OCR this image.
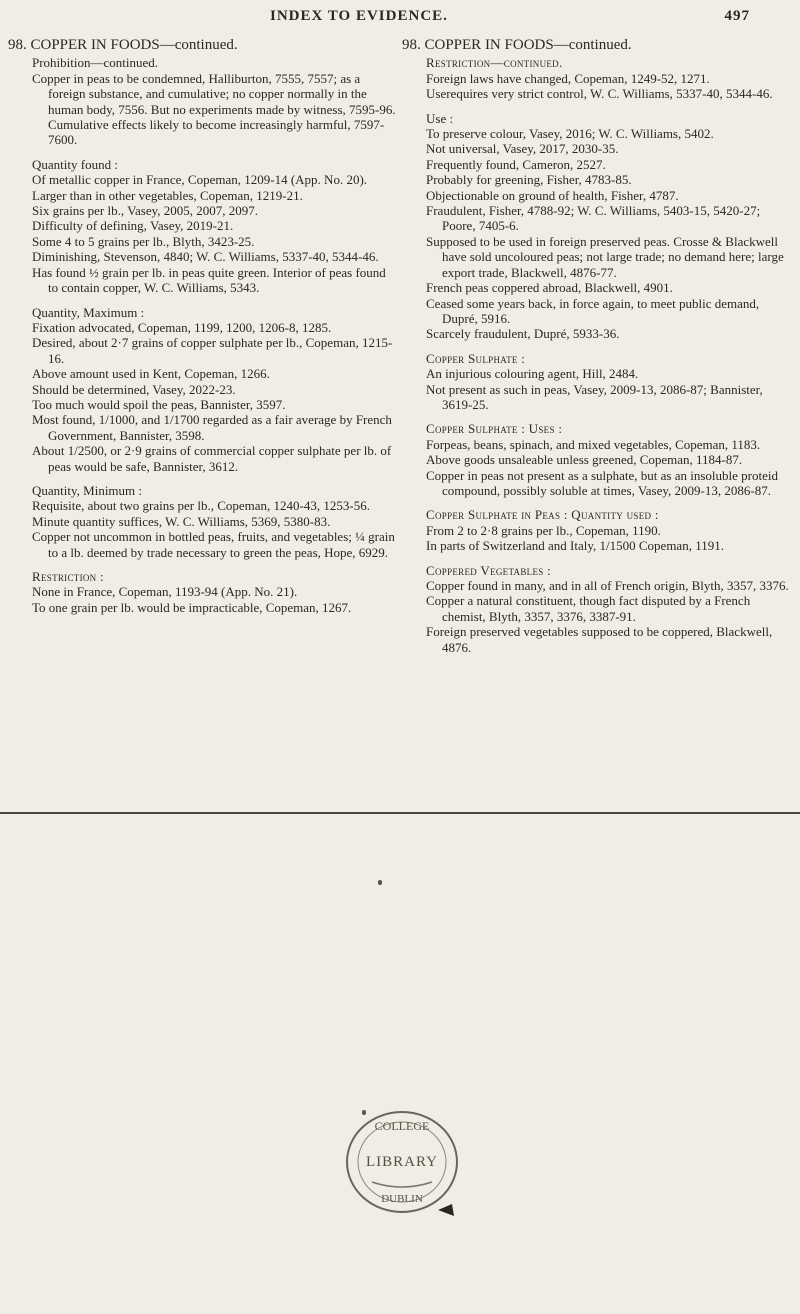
INDEX TO EVIDENCE.	497
98. COPPER IN FOODS—continued.
Prohibition—continued.

Copper in peas to be condemned, Halliburton, 7555, 7557; as a foreign substance, and cumulative; no copper normally in the human body, 7556. But no experiments made by witness, 7595-96. Cumulative effects likely to become increasingly harmful, 7597-7600.

Quantity found :

Of metallic copper in France, Copeman, 1209-14 (App. No. 20).

Larger than in other vegetables, Copeman, 1219-21.

Six grains per lb., Vasey, 2005, 2007, 2097.

Difficulty of defining, Vasey, 2019-21.

Some 4 to 5 grains per lb., Blyth, 3423-25.

Diminishing, Stevenson, 4840; W. C. Williams, 5337-40, 5344-46.

Has found ½ grain per lb. in peas quite green. Interior of peas found to contain copper, W. C. Williams, 5343.

Quantity, Maximum :

Fixation advocated, Copeman, 1199, 1200, 1206-8, 1285.

Desired, about 2·7 grains of copper sulphate per lb., Copeman, 1215-16.

Above amount used in Kent, Copeman, 1266.

Should be determined, Vasey, 2022-23.

Too much would spoil the peas, Bannister, 3597.

Most found, 1/1000, and 1/1700 regarded as a fair average by French Government, Bannister, 3598.

About 1/2500, or 2·9 grains of commercial copper sulphate per lb. of peas would be safe, Bannister, 3612.

Quantity, Minimum :

Requisite, about two grains per lb., Copeman, 1240-43, 1253-56.

Minute quantity suffices, W. C. Williams, 5369, 5380-83.

Copper not uncommon in bottled peas, fruits, and vegetables; ¼ grain to a lb. deemed by trade necessary to green the peas, Hope, 6929.

Restriction :

None in France, Copeman, 1193-94 (App. No. 21).

To one grain per lb. would be impracticable, Copeman, 1267.

98. COPPER IN FOODS—continued.
Restriction—continued.

Foreign laws have changed, Copeman, 1249-52, 1271.

Userequires very strict control, W. C. Williams, 5337-40, 5344-46.

Use :

To preserve colour, Vasey, 2016; W. C. Williams, 5402.

Not universal, Vasey, 2017, 2030-35.

Frequently found, Cameron, 2527.

Probably for greening, Fisher, 4783-85.

Objectionable on ground of health, Fisher, 4787.

Fraudulent, Fisher, 4788-92; W. C. Williams, 5403-15, 5420-27; Poore, 7405-6.

Supposed to be used in foreign preserved peas. Crosse & Blackwell have sold uncoloured peas; not large trade; no demand here; large export trade, Blackwell, 4876-77.

French peas coppered abroad, Blackwell, 4901.

Ceased some years back, in force again, to meet public demand, Dupré, 5916.

Scarcely fraudulent, Dupré, 5933-36.

Copper Sulphate :

An injurious colouring agent, Hill, 2484.

Not present as such in peas, Vasey, 2009-13, 2086-87; Bannister, 3619-25.

Copper Sulphate : Uses :

Forpeas, beans, spinach, and mixed vegetables, Copeman, 1183.

Above goods unsaleable unless greened, Copeman, 1184-87.

Copper in peas not present as a sulphate, but as an insoluble proteid compound, possibly soluble at times, Vasey, 2009-13, 2086-87.

Copper Sulphate in Peas : Quantity used :

From 2 to 2·8 grains per lb., Copeman, 1190.

In parts of Switzerland and Italy, 1/1500 Copeman, 1191.

Coppered Vegetables :

Copper found in many, and in all of French origin, Blyth, 3357, 3376.

Copper a natural constituent, though fact disputed by a French chemist, Blyth, 3357, 3376, 3387-91.

Foreign preserved vegetables supposed to be coppered, Blackwell, 4876.

COLLEGE
LIBRARY
DUBLIN
